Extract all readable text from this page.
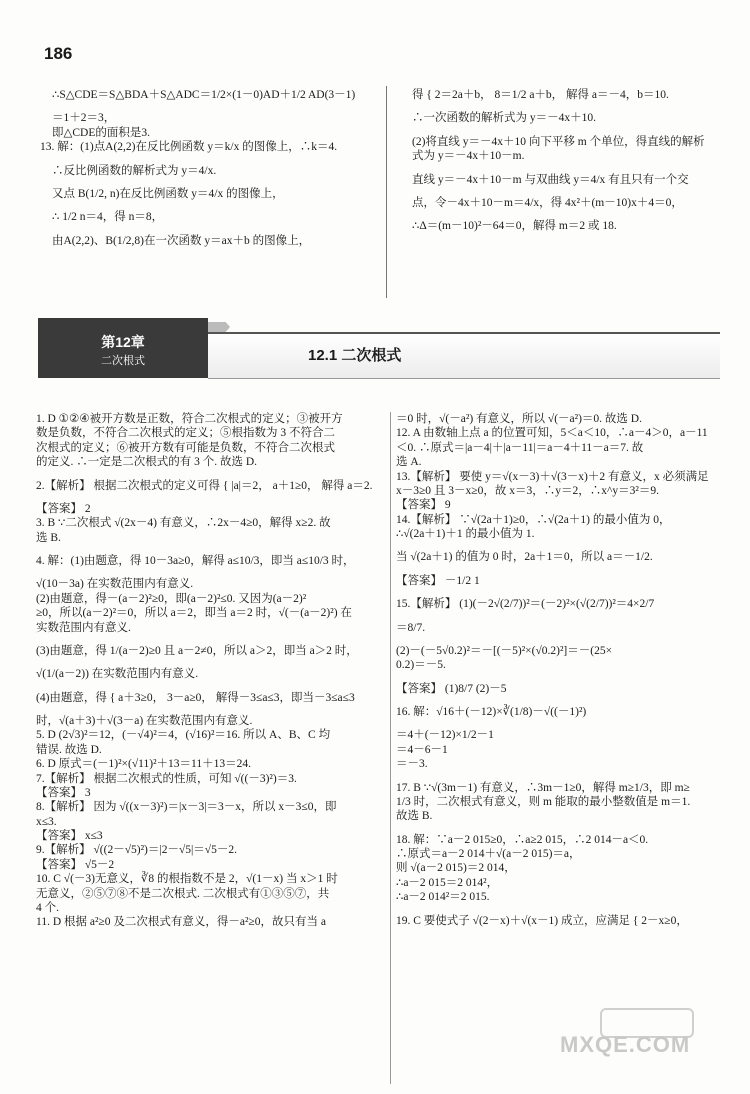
186

∴S△CDE＝S△BDA＋S△ADC＝1/2×(1－0)AD＋1/2 AD(3－1)

＝1＋2＝3，

即△CDE的面积是3.

13. 解：(1)点A(2,2)在反比例函数 y＝k/x 的图像上，∴k＝4.

∴反比例函数的解析式为 y＝4/x.

又点 B(1/2, n)在反比例函数 y＝4/x 的图像上，

∴ 1/2 n＝4，得 n＝8，

由A(2,2)、B(1/2,8)在一次函数 y＝ax＋b 的图像上，

得 { 2＝2a＋b， 8＝1/2 a＋b， 解得 a＝－4，b＝10.

∴一次函数的解析式为 y＝－4x＋10.

(2)将直线 y＝－4x＋10 向下平移 m 个单位，得直线的解析

式为 y＝－4x＋10－m.

直线 y＝－4x＋10－m 与双曲线 y＝4/x 有且只有一个交

点，令－4x＋10－m＝4/x，得 4x²＋(m－10)x＋4＝0，

∴Δ＝(m－10)²－64＝0，解得 m＝2 或 18.

第12章
二次根式	12.1 二次根式

1. D ①②④被开方数是正数，符合二次根式的定义；③被开方

数是负数，不符合二次根式的定义；⑤根指数为 3 不符合二

次根式的定义；⑥被开方数有可能是负数，不符合二次根式

的定义. ∴一定是二次根式的有 3 个. 故选 D.

2.【解析】 根据二次根式的定义可得 { |a|＝2， a＋1≥0， 解得 a＝2.

【答案】 2

3. B ∵二次根式 √(2x－4) 有意义，∴2x－4≥0，解得 x≥2. 故

选 B.

4. 解：(1)由题意，得 10－3a≥0，解得 a≤10/3，即当 a≤10/3 时，

√(10－3a) 在实数范围内有意义.

(2)由题意，得－(a－2)²≥0，即(a－2)²≤0. 又因为(a－2)²

≥0，所以(a－2)²＝0，所以 a＝2，即当 a＝2 时，√(－(a－2)²) 在

实数范围内有意义.

(3)由题意，得 1/(a－2)≥0 且 a－2≠0，所以 a＞2，即当 a＞2 时，

√(1/(a－2)) 在实数范围内有意义.

(4)由题意，得 { a＋3≥0， 3－a≥0， 解得－3≤a≤3，即当－3≤a≤3

时，√(a＋3)＋√(3－a) 在实数范围内有意义.

5. D (2√3)²＝12，(－√4)²＝4，(√16)²＝16. 所以 A、B、C 均

错误. 故选 D.

6. D 原式＝(－1)²×(√11)²＋13＝11＋13＝24.

7.【解析】 根据二次根式的性质，可知 √((－3)²)＝3.

【答案】 3

8.【解析】 因为 √((x－3)²)＝|x－3|＝3－x，所以 x－3≤0，即

x≤3.

【答案】 x≤3

9.【解析】 √((2－√5)²)＝|2－√5|＝√5－2.

【答案】 √5－2

10. C √(－3)无意义，∛8 的根指数不是 2，√(1－x) 当 x＞1 时

无意义，②⑤⑦⑧不是二次根式. 二次根式有①③⑤⑦，共

4 个.

11. D 根据 a²≥0 及二次根式有意义，得－a²≥0，故只有当 a

＝0 时，√(－a²) 有意义，所以 √(－a²)＝0. 故选 D.

12. A 由数轴上点 a 的位置可知，5＜a＜10，∴a－4＞0，a－11

＜0. ∴原式＝|a－4|＋|a－11|＝a－4＋11－a＝7. 故

选 A.

13.【解析】 要使 y＝√(x－3)＋√(3－x)＋2 有意义，x 必须满足

x－3≥0 且 3－x≥0，故 x＝3，∴y＝2，∴x^y＝3²＝9.

【答案】 9

14.【解析】 ∵√(2a＋1)≥0，∴√(2a＋1) 的最小值为 0，

∴√(2a＋1)＋1 的最小值为 1.

当 √(2a＋1) 的值为 0 时，2a＋1＝0，所以 a＝－1/2.

【答案】 －1/2 1

15.【解析】 (1)(－2√(2/7))²＝(－2)²×(√(2/7))²＝4×2/7

＝8/7.

(2)－(－5√0.2)²＝－[(－5)²×(√0.2)²]＝－(25×

0.2)＝－5.

【答案】 (1)8/7 (2)－5

16. 解：√16＋(－12)×∛(1/8)－√((－1)²)

＝4＋(－12)×1/2－1

＝4－6－1

＝－3.

17. B ∵√(3m－1) 有意义，∴3m－1≥0，解得 m≥1/3，即 m≥

1/3 时，二次根式有意义，则 m 能取的最小整数值是 m＝1.

故选 B.

18. 解：∵a－2 015≥0，∴a≥2 015，∴2 014－a＜0.

∴原式＝a－2 014＋√(a－2 015)＝a，

则 √(a－2 015)＝2 014，

∴a－2 015＝2 014²，

∴a－2 014²＝2 015.

19. C 要使式子 √(2－x)＋√(x－1) 成立，应满足 { 2－x≥0，

MXQE.COM
